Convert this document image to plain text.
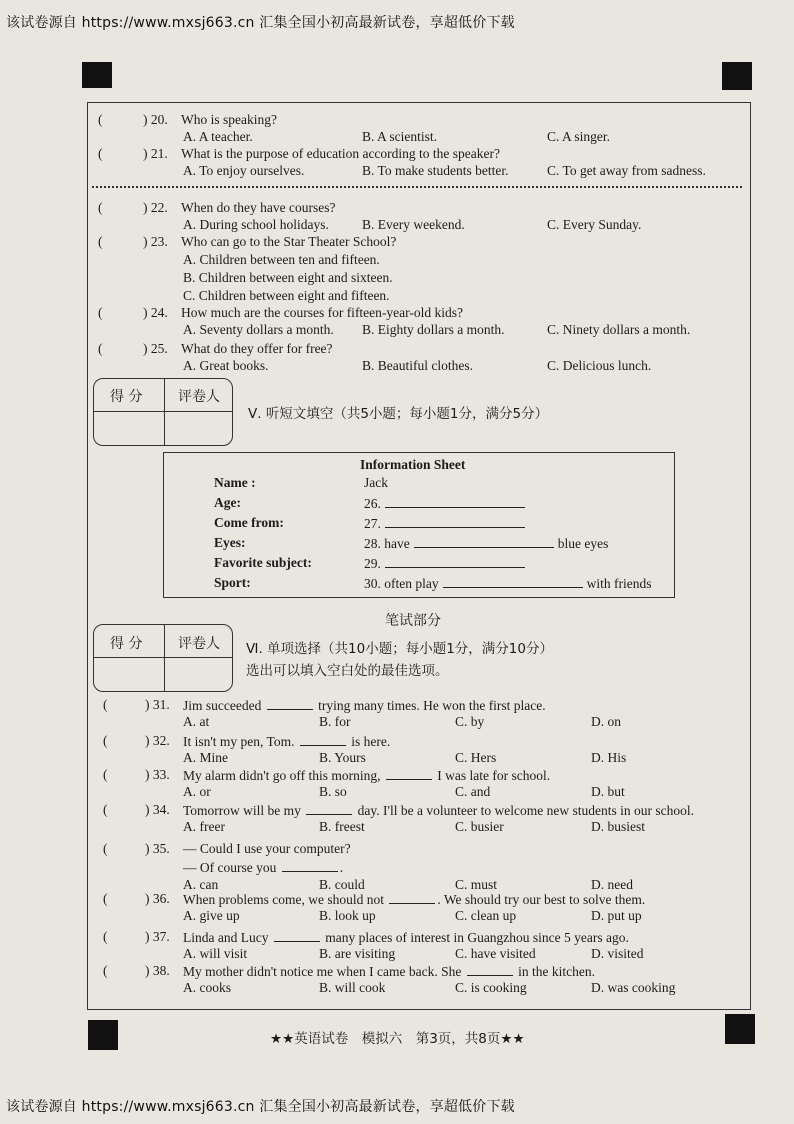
该试卷源自 https://www.mxsj663.cn 汇集全国小初高最新试卷，享超低价下载
(	) 20. Who is speaking?
A. A teacher.	B. A scientist.	C. A singer.
(	) 21. What is the purpose of education according to the speaker?
A. To enjoy ourselves.	B. To make students better.	C. To get away from sadness.
(	) 22. When do they have courses?
A. During school holidays. B. Every weekend.	C. Every Sunday.
(	) 23. Who can go to the Star Theater School?
A. Children between ten and fifteen.
B. Children between eight and sixteen.
C. Children between eight and fifteen.
(	) 24. How much are the courses for fifteen-year-old kids?
A. Seventy dollars a month. B. Eighty dollars a month.	C. Ninety dollars a month.
(	) 25. What do they offer for free?
A. Great books.	B. Beautiful clothes.	C. Delicious lunch.
得 分	评卷人
Ⅴ. 听短文填空（共5小题；每小题1分，满分5分）
Information Sheet
Name :	Jack
Age:	26.
Come from:	27.
Eyes:	28. have	blue eyes
Favorite subject:	29.
Sport:	30. often play	with friends
笔试部分
得 分	评卷人 Ⅵ. 单项选择（共10小题；每小题1分，满分10分）
选出可以填入空白处的最佳选项。
(	) 31. Jim succeeded	trying many times. He won the first place.
A. at	B. for	C. by	D. on
(	) 32. It isn't my pen, Tom.	is here.
A. Mine	B. Yours	C. Hers	D. His
(	) 33. My alarm didn't go off this morning,	I was late for school.
A. or	B. so	C. and	D. but
(	) 34. Tomorrow will be my	day. I'll be a volunteer to welcome new students in our school.
A. freer	B. freest	C. busier	D. busiest
(	) 35. — Could I use your computer?
— Of course you	.
A. can	B. could	C. must	D. need
(	) 36. When problems come, we should not	. We should try our best to solve them.
A. give up	B. look up	C. clean up	D. put up
(	) 37. Linda and Lucy	many places of interest in Guangzhou since 5 years ago.
A. will visit	B. are visiting	C. have visited	D. visited
(	) 38. My mother didn't notice me when I came back. She	in the kitchen.
A. cooks	B. will cook	C. is cooking	D. was cooking
★★英语试卷　模拟六　第3页，共8页★★
该试卷源自 https://www.mxsj663.cn 汇集全国小初高最新试卷，享超低价下载
